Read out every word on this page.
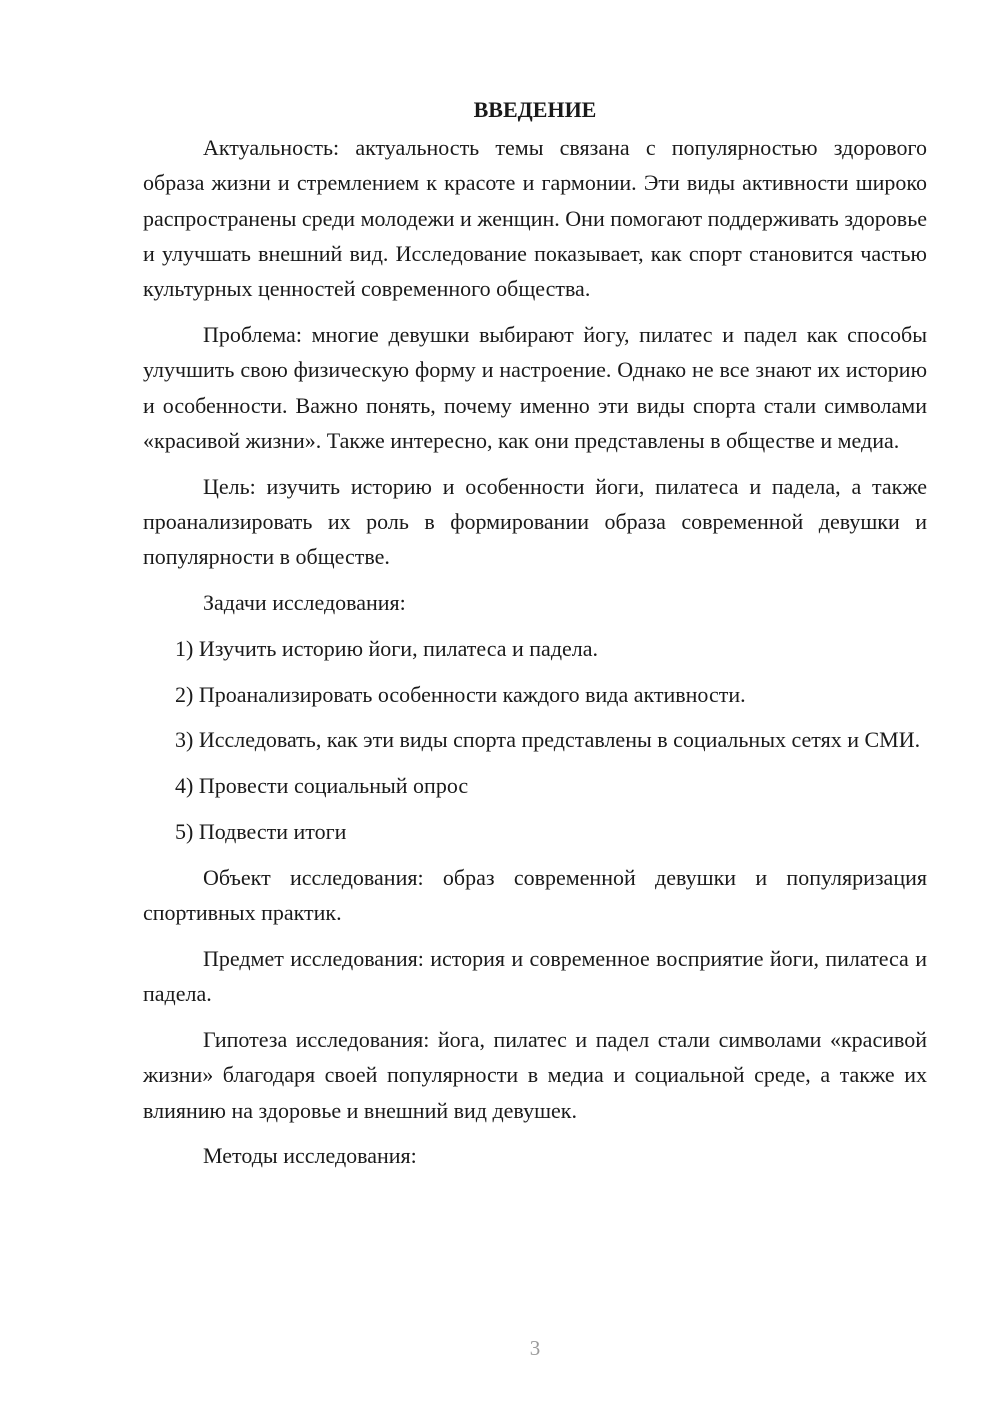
ВВЕДЕНИЕ

Актуальность: актуальность темы связана с популярностью здорового образа жизни и стремлением к красоте и гармонии. Эти виды активности широко распространены среди молодежи и женщин. Они помогают поддерживать здоровье и улучшать внешний вид. Исследование показывает, как спорт становится частью культурных ценностей современного общества.

Проблема: многие девушки выбирают йогу, пилатес и падел как способы улучшить свою физическую форму и настроение. Однако не все знают их историю и особенности. Важно понять, почему именно эти виды спорта стали символами «красивой жизни». Также интересно, как они представлены в обществе и медиа.

Цель: изучить историю и особенности йоги, пилатеса и падела, а также проанализировать их роль в формировании образа современной девушки и популярности в обществе.

Задачи исследования:

1) Изучить историю йоги, пилатеса и падела.

2) Проанализировать особенности каждого вида активности.

3) Исследовать, как эти виды спорта представлены в социальных сетях и СМИ.

4) Провести социальный опрос

5) Подвести итоги

Объект исследования: образ современной девушки и популяризация спортивных практик.

Предмет исследования: история и современное восприятие йоги, пилатеса и падела.

Гипотеза исследования: йога, пилатес и падел стали символами «красивой жизни» благодаря своей популярности в медиа и социальной среде, а также их влиянию на здоровье и внешний вид девушек.

Методы исследования:

3
